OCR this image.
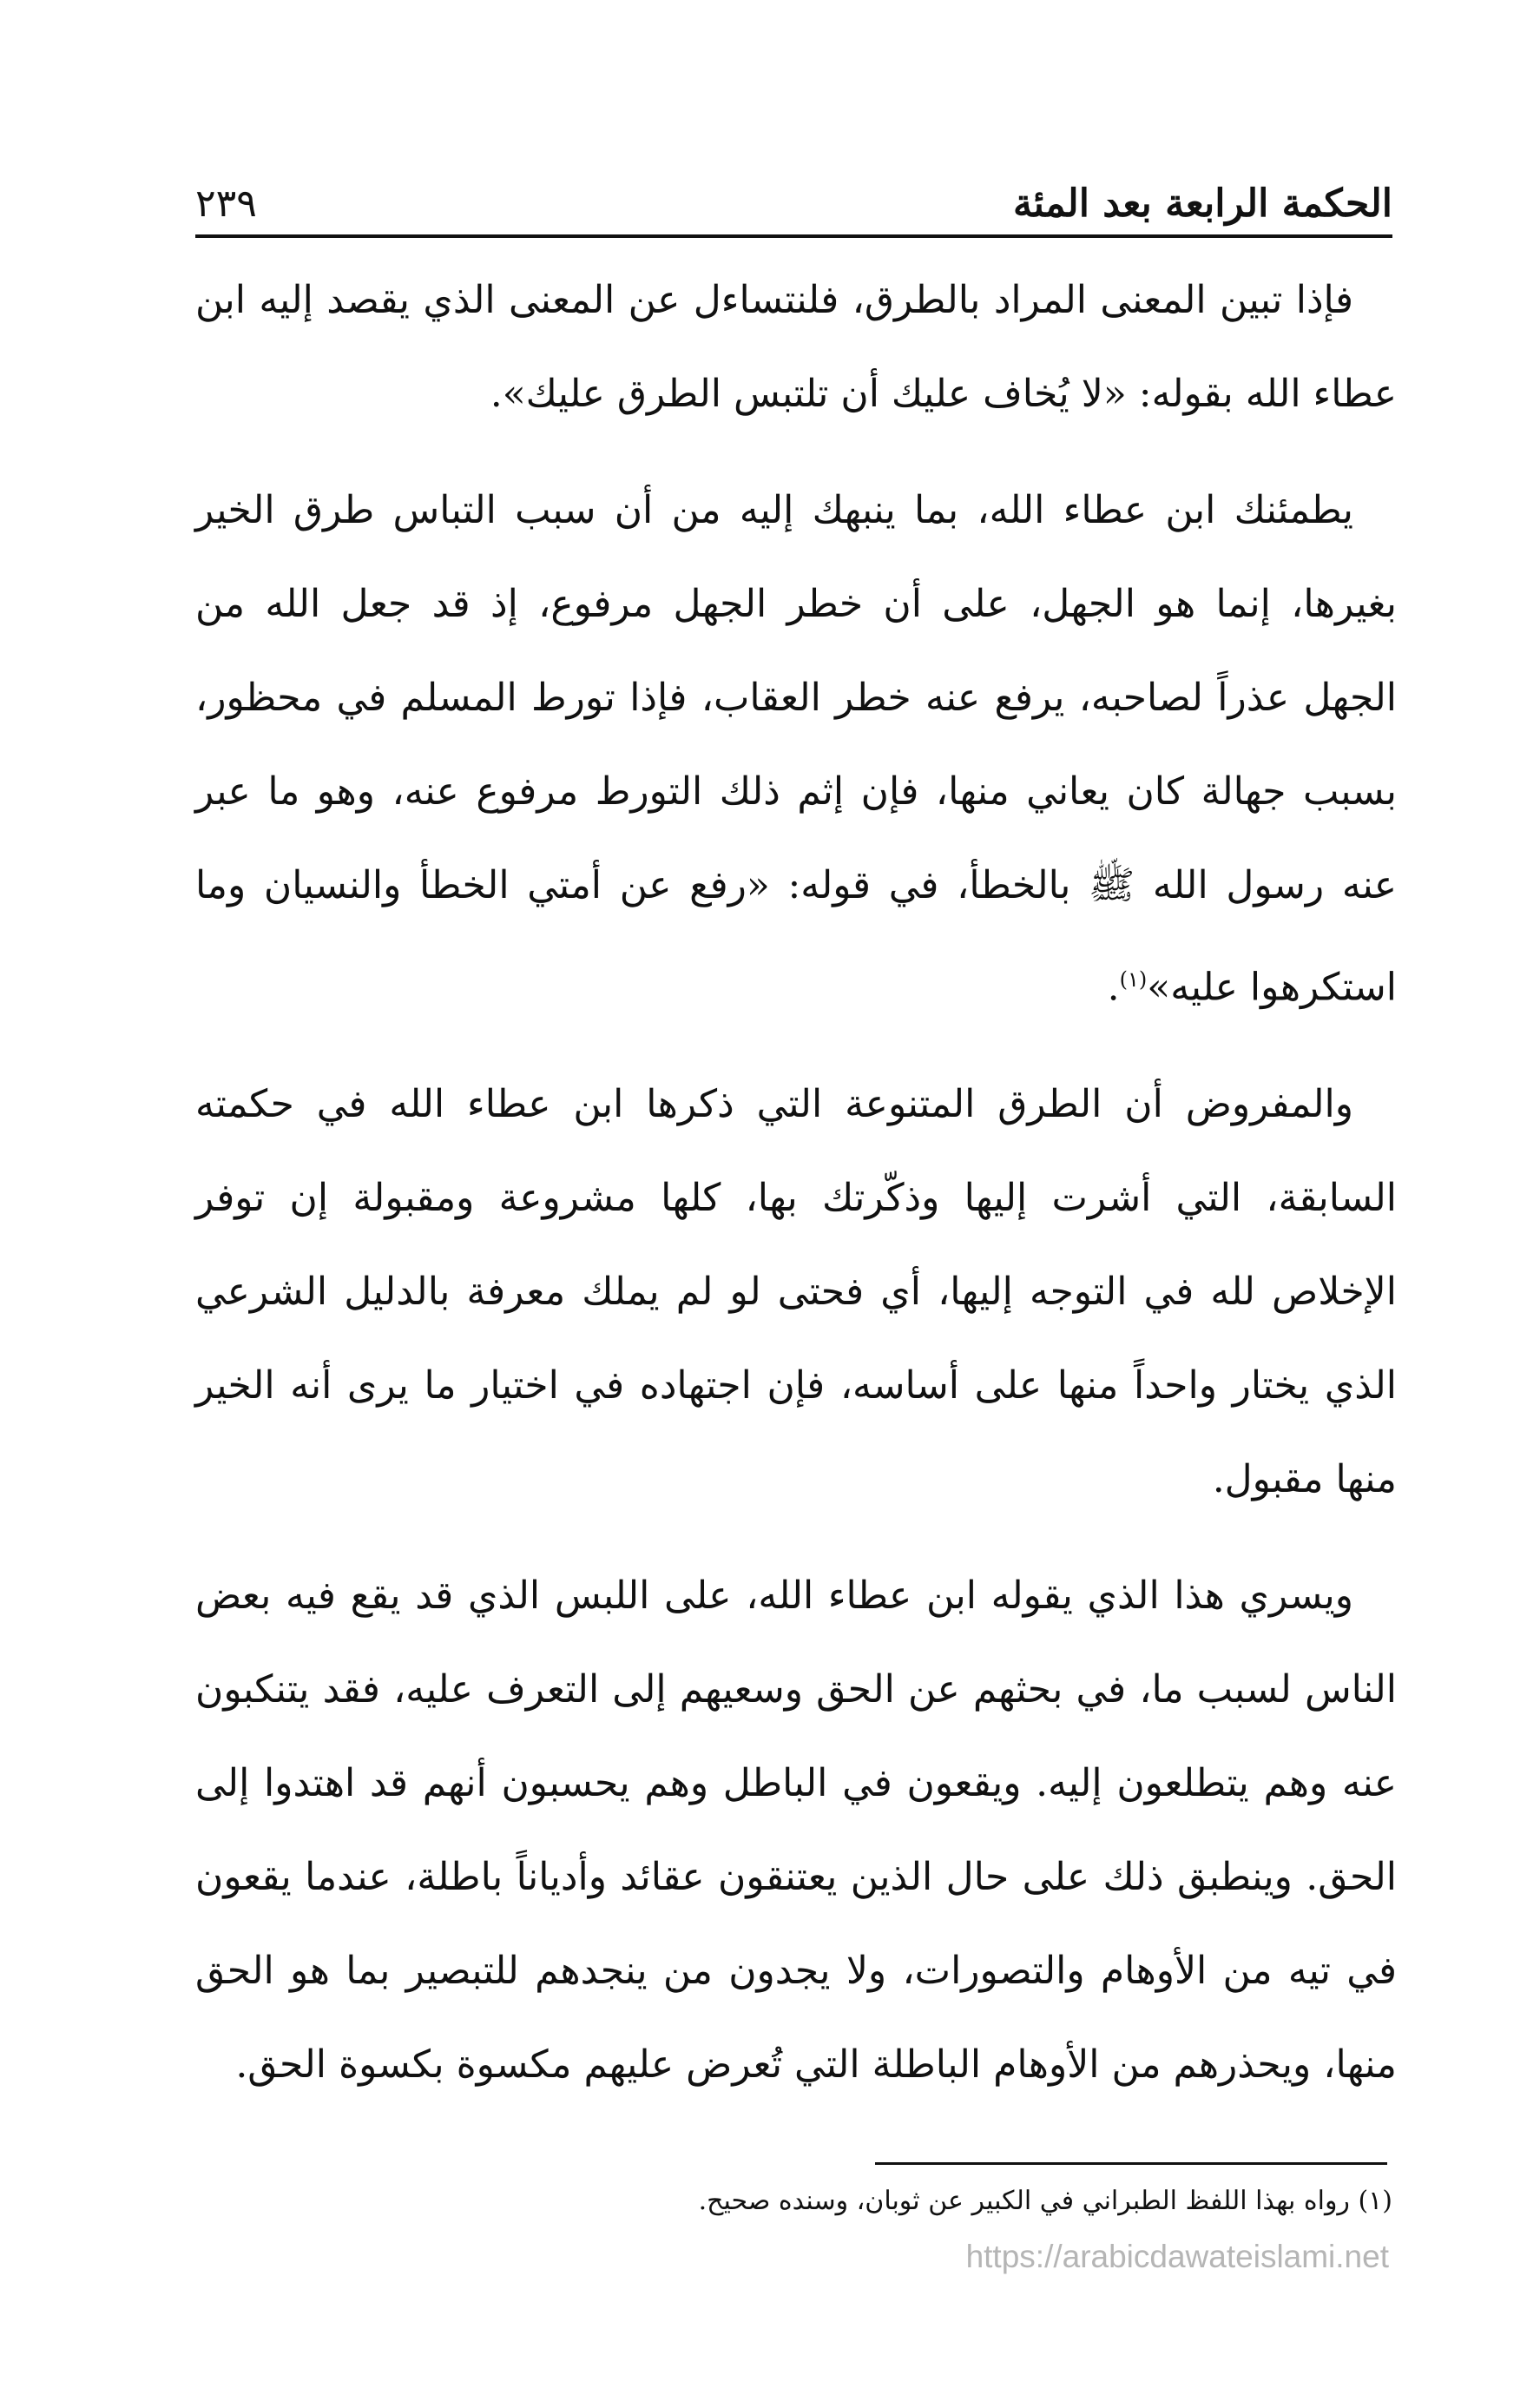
الحكمة الرابعة بعد المئة
٢٣٩

فإذا تبين المعنى المراد بالطرق، فلنتساءل عن المعنى الذي يقصد إليه ابن عطاء الله بقوله: «لا يُخاف عليك أن تلتبس الطرق عليك».

يطمئنك ابن عطاء الله، بما ينبهك إليه من أن سبب التباس طرق الخير بغيرها، إنما هو الجهل، على أن خطر الجهل مرفوع، إذ قد جعل الله من الجهل عذراً لصاحبه، يرفع عنه خطر العقاب، فإذا تورط المسلم في محظور، بسبب جهالة كان يعاني منها، فإن إثم ذلك التورط مرفوع عنه، وهو ما عبر عنه رسول الله ﷺ بالخطأ، في قوله: «رفع عن أمتي الخطأ والنسيان وما استكرهوا عليه»$^{(١)}$.

والمفروض أن الطرق المتنوعة التي ذكرها ابن عطاء الله في حكمته السابقة، التي أشرت إليها وذكّرتك بها، كلها مشروعة ومقبولة إن توفر الإخلاص لله في التوجه إليها، أي فحتى لو لم يملك معرفة بالدليل الشرعي الذي يختار واحداً منها على أساسه، فإن اجتهاده في اختيار ما يرى أنه الخير منها مقبول.

ويسري هذا الذي يقوله ابن عطاء الله، على اللبس الذي قد يقع فيه بعض الناس لسبب ما، في بحثهم عن الحق وسعيهم إلى التعرف عليه، فقد يتنكبون عنه وهم يتطلعون إليه. ويقعون في الباطل وهم يحسبون أنهم قد اهتدوا إلى الحق. وينطبق ذلك على حال الذين يعتنقون عقائد وأدياناً باطلة، عندما يقعون في تيه من الأوهام والتصورات، ولا يجدون من ينجدهم للتبصير بما هو الحق منها، ويحذرهم من الأوهام الباطلة التي تُعرض عليهم مكسوة بكسوة الحق.

(١) رواه بهذا اللفظ الطبراني في الكبير عن ثوبان، وسنده صحيح.
https://arabicdawateislami.net
